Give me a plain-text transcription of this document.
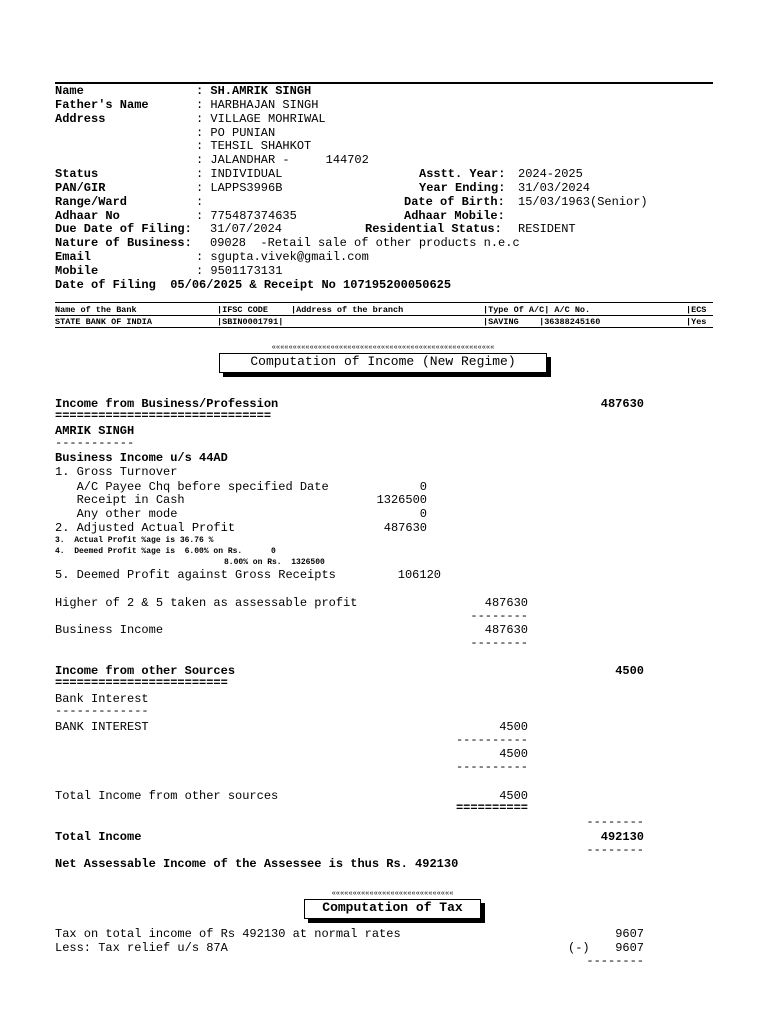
Name	: SH.AMRIK SINGH
Father's Name	: HARBHAJAN SINGH
Address	: VILLAGE MOHRIWAL
: PO PUNIAN
: TEHSIL SHAHKOT
: JALANDHAR -     144702
Status	: INDIVIDUAL	Asstt. Year: 2024-2025
PAN/GIR	: LAPPS3996B	Year Ending: 31/03/2024
Range/Ward	:	Date of Birth: 15/03/1963(Senior)
Adhaar No	: 775487374635	Adhaar Mobile:
Due Date of Filing: 31/07/2024	Residential Status: RESIDENT
Nature of Business: 09028  -Retail sale of other products n.e.c
Email	: sgupta.vivek@gmail.com
Mobile	: 9501173131
Date of Filing  05/06/2025 & Receipt No 107195200050625
Name of the Bank	|IFSC CODE	|Address of the branch	|Type Of A/C| A/C No.	|ECS
STATE BANK OF INDIA	|SBIN0001791|	|SAVING    |36388245160	|Yes
«««««««««««««««««««««««««««««««««««««««««««««««««««««
Computation of Income (New Regime)
«««««««««««««««««««««««««««««««««««««««««««««««««««««
Income from Business/Profession	487630
==============================
AMRIK SINGH
-----------
Business Income u/s 44AD
1. Gross Turnover
A/C Payee Chq before specified Date	0
Receipt in Cash	1326500
Any other mode	0
2. Adjusted Actual Profit	487630
3.  Actual Profit %age is 36.76 %
4.  Deemed Profit %age is  6.00% on Rs.      0
8.00% on Rs.  1326500
5. Deemed Profit against Gross Receipts	106120
Higher of 2 & 5 taken as assessable profit	487630
--------
Business Income	487630
--------
Income from other Sources	4500
========================
Bank Interest
-------------
BANK INTEREST	4500
----------
4500
----------
Total Income from other sources	4500
==========
--------
Total Income	492130
--------
Net Assessable Income of the Assessee is thus Rs. 492130
«««««««««««««««««««««««««««««
Computation of Tax
«««««««««««««««««««««««««««««
Tax on total income of Rs 492130 at normal rates	9607
Less: Tax relief u/s 87A	(-) 9607
--------
